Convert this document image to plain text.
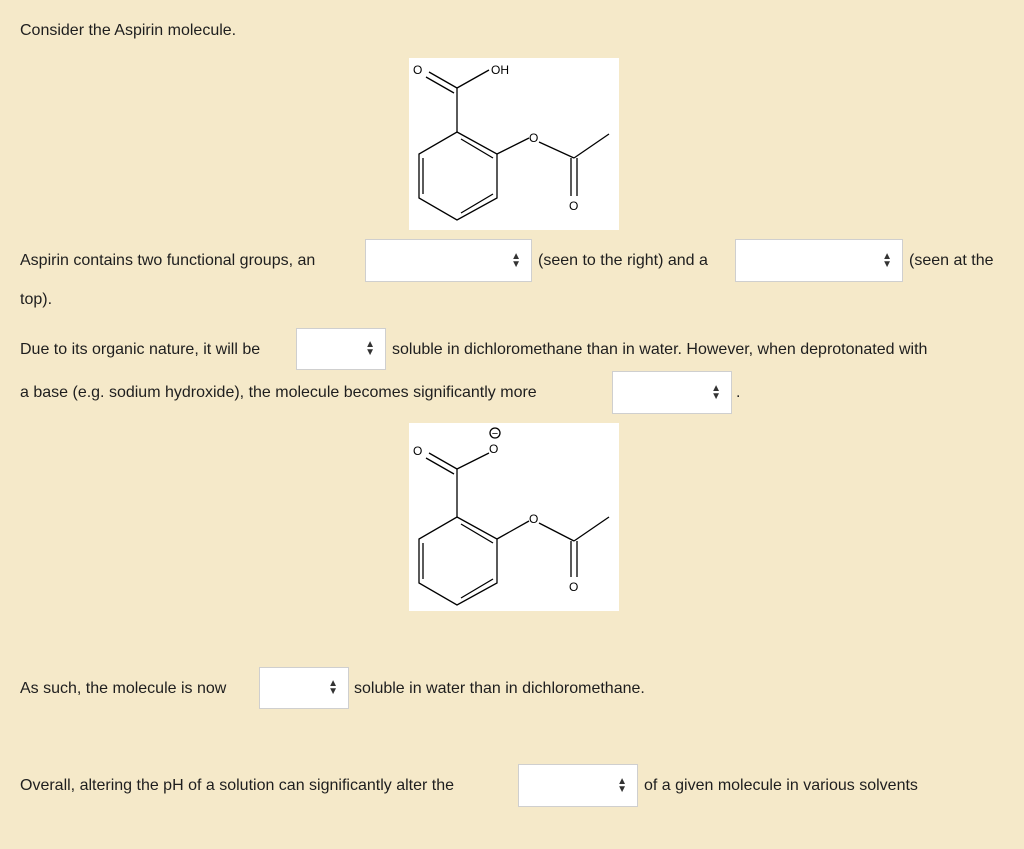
Consider the Aspirin molecule.
O	OH
O
O
Aspirin contains two functional groups, an	▲
▼ (seen to the right) and a	▲
▼ (seen at the
top).
Due to its organic nature, it will be	▲
▼ soluble in dichloromethane than in water. However, when deprotonated with
a base (e.g. sodium hydroxide), the molecule becomes significantly more	▲
▼ .
−
O	O
O
O
As such, the molecule is now	▲
▼ soluble in water than in dichloromethane.
Overall, altering the pH of a solution can significantly alter the	▲
▼ of a given molecule in various solvents
